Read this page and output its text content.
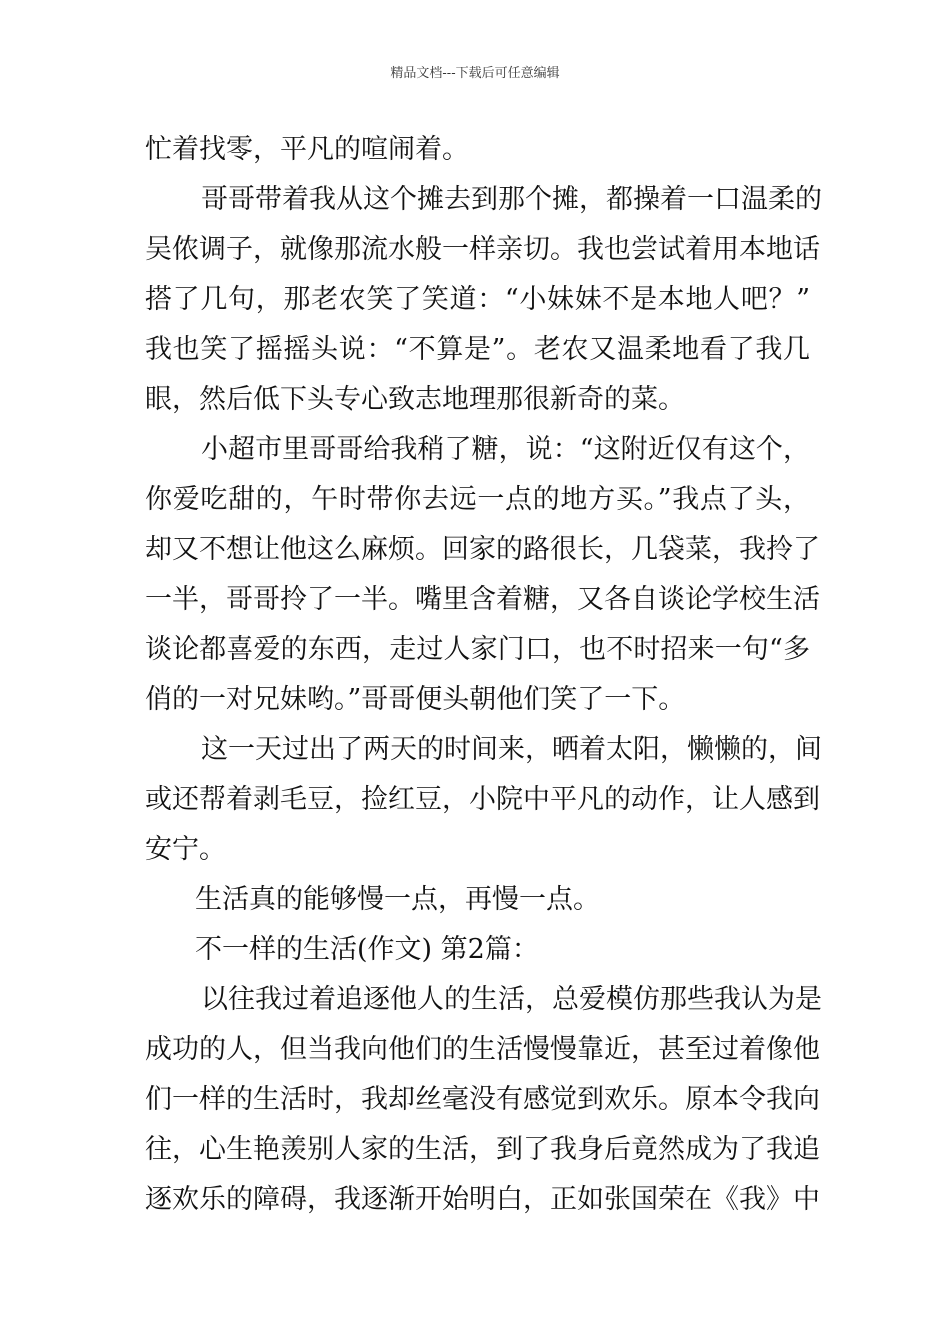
精品文档---下载后可任意编辑
忙着找零，平凡的喧闹着。
哥哥带着我从这个摊去到那个摊，都操着一口温柔的
吴侬调子，就像那流水般一样亲切。我也尝试着用本地话
搭了几句，那老农笑了笑道：“小妹妹不是本地人吧？”
我也笑了摇摇头说：“不算是”。老农又温柔地看了我几
眼，然后低下头专心致志地理那很新奇的菜。
小超市里哥哥给我稍了糖，说：“这附近仅有这个，
你爱吃甜的，午时带你去远一点的地方买。”我点了头，
却又不想让他这么麻烦。回家的路很长，几袋菜，我拎了
一半，哥哥拎了一半。嘴里含着糖，又各自谈论学校生活
谈论都喜爱的东西，走过人家门口，也不时招来一句“多
俏的一对兄妹哟。”哥哥便头朝他们笑了一下。
这一天过出了两天的时间来，晒着太阳，懒懒的，间
或还帮着剥毛豆，捡红豆，小院中平凡的动作，让人感到
安宁。
生活真的能够慢一点，再慢一点。
不一样的生活(作文) 第2篇：
以往我过着追逐他人的生活，总爱模仿那些我认为是
成功的人，但当我向他们的生活慢慢靠近，甚至过着像他
们一样的生活时，我却丝毫没有感觉到欢乐。原本令我向
往，心生艳羡别人家的生活，到了我身后竟然成为了我追
逐欢乐的障碍，我逐渐开始明白，正如张国荣在《我》中
